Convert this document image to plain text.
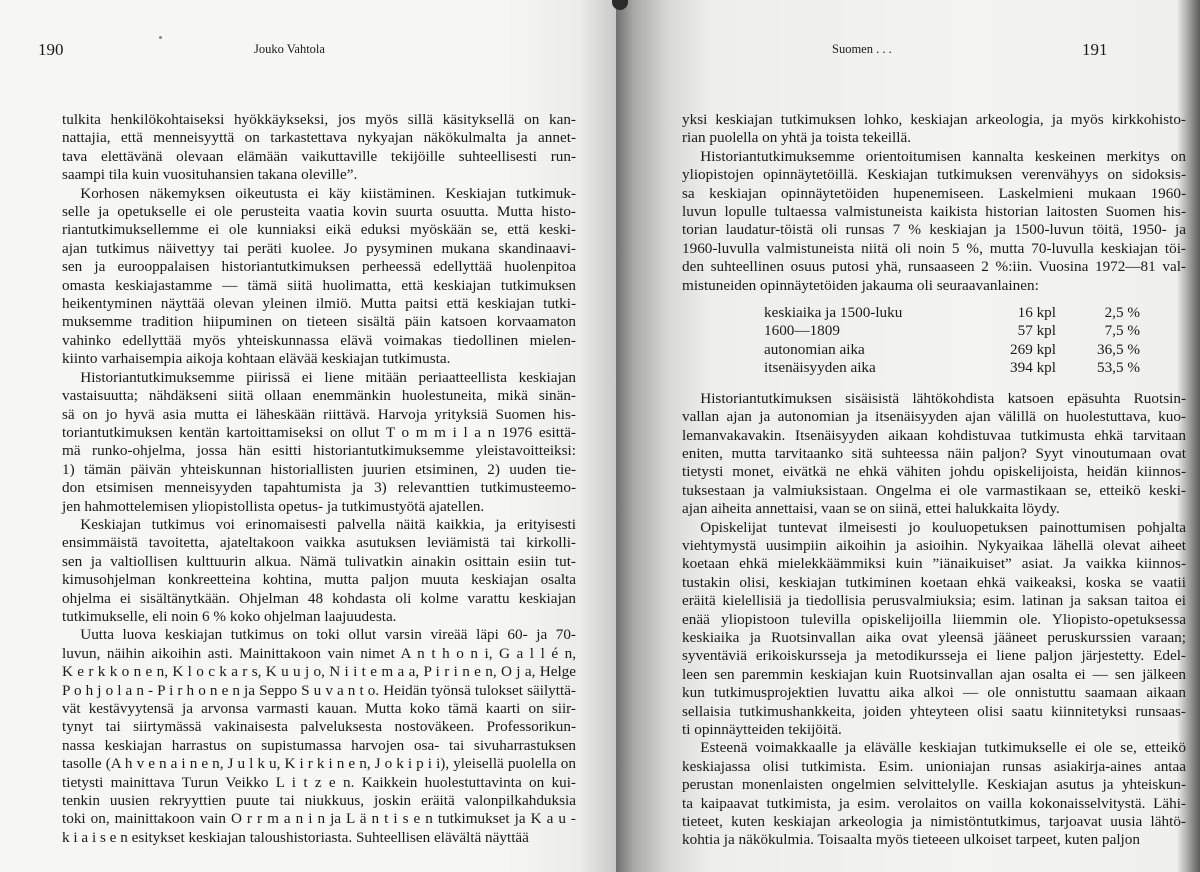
190	Jouko Vahtola

tulkita henkilökohtaiseksi hyökkäykseksi, jos myös sillä käsityksellä on kan-
nattajia, että menneisyyttä on tarkastettava nykyajan näkökulmalta ja annet-
tava elettävänä olevaan elämään vaikuttaville tekijöille suhteellisesti run-
saampi tila kuin vuosituhansien takana oleville”.

Korhosen näkemyksen oikeutusta ei käy kiistäminen. Keskiajan tutkimuk-
selle ja opetukselle ei ole perusteita vaatia kovin suurta osuutta. Mutta histo-
riantutkimuksellemme ei ole kunniaksi eikä eduksi myöskään se, että keski-
ajan tutkimus näivettyy tai peräti kuolee. Jo pysyminen mukana skandinaavi-
sen ja eurooppalaisen historiantutkimuksen perheessä edellyttää huolenpitoa
omasta keskiajastamme — tämä siitä huolimatta, että keskiajan tutkimuksen
heikentyminen näyttää olevan yleinen ilmiö. Mutta paitsi että keskiajan tutki-
muksemme tradition hiipuminen on tieteen sisältä päin katsoen korvaamaton
vahinko edellyttää myös yhteiskunnassa elävä voimakas tiedollinen mielen-
kiinto varhaisempia aikoja kohtaan elävää keskiajan tutkimusta.

Historiantutkimuksemme piirissä ei liene mitään periaatteellista keskiajan
vastaisuutta; nähdäkseni siitä ollaan enemmänkin huolestuneita, mikä sinän-
sä on jo hyvä asia mutta ei läheskään riittävä. Harvoja yrityksiä Suomen his-
toriantutkimuksen kentän kartoittamiseksi on ollut T o m m i l a n 1976 esittä-
mä runko-ohjelma, jossa hän esitti historiantutkimuksemme yleistavoitteiksi:
1) tämän päivän yhteiskunnan historiallisten juurien etsiminen, 2) uuden tie-
don etsimisen menneisyyden tapahtumista ja 3) relevanttien tutkimusteemo-
jen hahmottelemisen yliopistollista opetus- ja tutkimustyötä ajatellen.

Keskiajan tutkimus voi erinomaisesti palvella näitä kaikkia, ja erityisesti
ensimmäistä tavoitetta, ajateltakoon vaikka asutuksen leviämistä tai kirkolli-
sen ja valtiollisen kulttuurin alkua. Nämä tulivatkin ainakin osittain esiin tut-
kimusohjelman konkreetteina kohtina, mutta paljon muuta keskiajan osalta
ohjelma ei sisältänytkään. Ohjelman 48 kohdasta oli kolme varattu keskiajan
tutkimukselle, eli noin 6 % koko ohjelman laajuudesta.

Uutta luova keskiajan tutkimus on toki ollut varsin vireää läpi 60- ja 70-
luvun, näihin aikoihin asti. Mainittakoon vain nimet A n t h o n i, G a l l é n,
K e r k k o n e n, K l o c k a r s, K u u j o, N i i t e m a a, P i r i n e n, O j a, Helge
P o h j o l a n - P i r h o n e n ja Seppo S u v a n t o. Heidän työnsä tulokset säilyttä-
vät kestävyytensä ja arvonsa varmasti kauan. Mutta koko tämä kaarti on siir-
tynyt tai siirtymässä vakinaisesta palveluksesta nostoväkeen. Professorikun-
nassa keskiajan harrastus on supistumassa harvojen osa- tai sivuharrastuksen
tasolle (A h v e n a i n e n, J u l k u, K i r k i n e n, J o k i p i i), yleisellä puolella on
tietysti mainittava Turun Veikko L i t z e n. Kaikkein huolestuttavinta on kui-
tenkin uusien rekryyttien puute tai niukkuus, joskin eräitä valonpilkahduksia
toki on, mainittakoon vain O r r m a n i n ja L ä n t i s e n tutkimukset ja K a u -
k i a i s e n esitykset keskiajan taloushistoriasta. Suhteellisen elävältä näyttää

Suomen . . .	191

yksi keskiajan tutkimuksen lohko, keskiajan arkeologia, ja myös kirkkohisto-
rian puolella on yhtä ja toista tekeillä.

Historiantutkimuksemme orientoitumisen kannalta keskeinen merkitys on
yliopistojen opinnäytetöillä. Keskiajan tutkimuksen verenvähyys on sidoksis-
sa keskiajan opinnäytetöiden hupenemiseen. Laskelmieni mukaan 1960-
luvun lopulle tultaessa valmistuneista kaikista historian laitosten Suomen his-
torian laudatur-töistä oli runsas 7 % keskiajan ja 1500-luvun töitä, 1950- ja
1960-luvulla valmistuneista niitä oli noin 5 %, mutta 70-luvulla keskiajan töi-
den suhteellinen osuus putosi yhä, runsaaseen 2 %:iin. Vuosina 1972—81 val-
mistuneiden opinnäytetöiden jakauma oli seuraavanlainen:

keskiaika ja 1500-luku	16 kpl	2,5 %
1600—1809	57 kpl	7,5 %
autonomian aika	269 kpl	36,5 %
itsenäisyyden aika	394 kpl	53,5 %

Historiantutkimuksen sisäisistä lähtökohdista katsoen epäsuhta Ruotsin-
vallan ajan ja autonomian ja itsenäisyyden ajan välillä on huolestuttava, kuo-
lemanvakavakin. Itsenäisyyden aikaan kohdistuvaa tutkimusta ehkä tarvitaan
eniten, mutta tarvitaanko sitä suhteessa näin paljon? Syyt vinoutumaan ovat
tietysti monet, eivätkä ne ehkä vähiten johdu opiskelijoista, heidän kiinnos-
tuksestaan ja valmiuksistaan. Ongelma ei ole varmastikaan se, etteikö keski-
ajan aiheita annettaisi, vaan se on siinä, ettei halukkaita löydy.

Opiskelijat tuntevat ilmeisesti jo kouluopetuksen painottumisen pohjalta
viehtymystä uusimpiin aikoihin ja asioihin. Nykyaikaa lähellä olevat aiheet
koetaan ehkä mielekkäämmiksi kuin ”iänaikuiset” asiat. Ja vaikka kiinnos-
tustakin olisi, keskiajan tutkiminen koetaan ehkä vaikeaksi, koska se vaatii
eräitä kielellisiä ja tiedollisia perusvalmiuksia; esim. latinan ja saksan taitoa ei
enää yliopistoon tulevilla opiskelijoilla liiemmin ole. Yliopisto-opetuksessa
keskiaika ja Ruotsinvallan aika ovat yleensä jääneet peruskurssien varaan;
syventäviä erikoiskursseja ja metodikursseja ei liene paljon järjestetty. Edel-
leen sen paremmin keskiajan kuin Ruotsinvallan ajan osalta ei — sen jälkeen
kun tutkimusprojektien luvattu aika alkoi — ole onnistuttu saamaan aikaan
sellaisia tutkimushankkeita, joiden yhteyteen olisi saatu kiinnitetyksi runsaas-
ti opinnäytteiden tekijöitä.

Esteenä voimakkaalle ja elävälle keskiajan tutkimukselle ei ole se, etteikö
keskiajassa olisi tutkimista. Esim. unioniajan runsas asiakirja-aines antaa
perustan monenlaisten ongelmien selvittelylle. Keskiajan asutus ja yhteiskun-
ta kaipaavat tutkimista, ja esim. verolaitos on vailla kokonaisselvitystä. Lähi-
tieteet, kuten keskiajan arkeologia ja nimistöntutkimus, tarjoavat uusia lähtö-
kohtia ja näkökulmia. Toisaalta myös tieteeen ulkoiset tarpeet, kuten paljon
